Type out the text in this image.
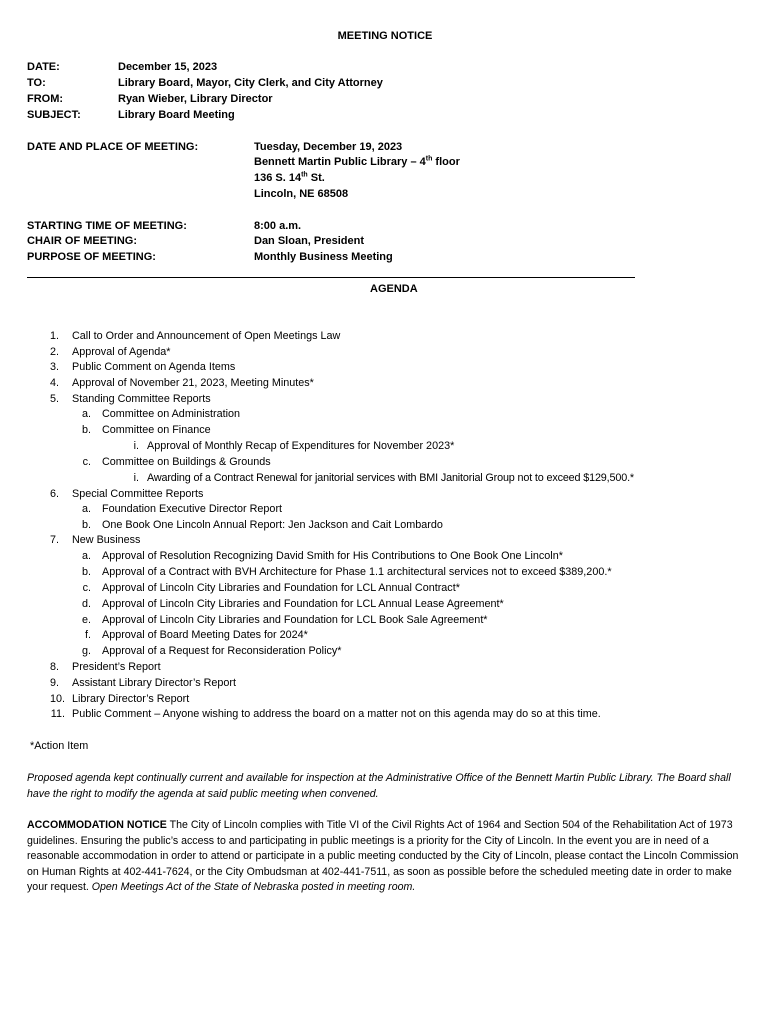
MEETING NOTICE
DATE:	December 15, 2023
TO:	Library Board, Mayor, City Clerk, and City Attorney
FROM:	Ryan Wieber, Library Director
SUBJECT:	Library Board Meeting
DATE AND PLACE OF MEETING:	Tuesday, December 19, 2023
Bennett Martin Public Library – 4th floor
136 S. 14th St.
Lincoln, NE 68508
STARTING TIME OF MEETING:	8:00 a.m.
CHAIR OF MEETING:	Dan Sloan, President
PURPOSE OF MEETING:	Monthly Business Meeting
AGENDA
1. Call to Order and Announcement of Open Meetings Law
2. Approval of Agenda*
3. Public Comment on Agenda Items
4. Approval of November 21, 2023, Meeting Minutes*
5. Standing Committee Reports
a. Committee on Administration
b. Committee on Finance
i. Approval of Monthly Recap of Expenditures for November 2023*
c. Committee on Buildings & Grounds
i. Awarding of a Contract Renewal for janitorial services with BMI Janitorial Group not to exceed $129,500.*
6. Special Committee Reports
a. Foundation Executive Director Report
b. One Book One Lincoln Annual Report: Jen Jackson and Cait Lombardo
7. New Business
a. Approval of Resolution Recognizing David Smith for His Contributions to One Book One Lincoln*
b. Approval of a Contract with BVH Architecture for Phase 1.1 architectural services not to exceed $389,200.*
c. Approval of Lincoln City Libraries and Foundation for LCL Annual Contract*
d. Approval of Lincoln City Libraries and Foundation for LCL Annual Lease Agreement*
e. Approval of Lincoln City Libraries and Foundation for LCL Book Sale Agreement*
f. Approval of Board Meeting Dates for 2024*
g. Approval of a Request for Reconsideration Policy*
8. President’s Report
9. Assistant Library Director’s Report
10. Library Director’s Report
11. Public Comment – Anyone wishing to address the board on a matter not on this agenda may do so at this time.
*Action Item
Proposed agenda kept continually current and available for inspection at the Administrative Office of the Bennett Martin Public Library. The Board shall have the right to modify the agenda at said public meeting when convened.
ACCOMMODATION NOTICE The City of Lincoln complies with Title VI of the Civil Rights Act of 1964 and Section 504 of the Rehabilitation Act of 1973 guidelines. Ensuring the public’s access to and participating in public meetings is a priority for the City of Lincoln. In the event you are in need of a reasonable accommodation in order to attend or participate in a public meeting conducted by the City of Lincoln, please contact the Lincoln Commission on Human Rights at 402-441-7624, or the City Ombudsman at 402-441-7511, as soon as possible before the scheduled meeting date in order to make your request. Open Meetings Act of the State of Nebraska posted in meeting room.
